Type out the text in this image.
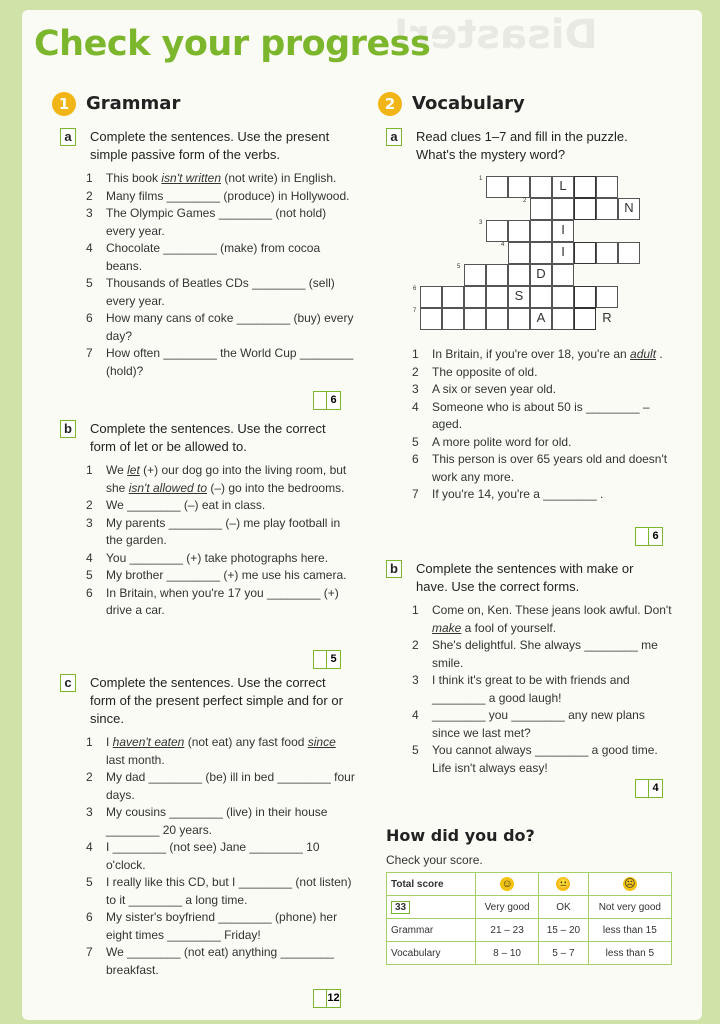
Disaster!
Check your progress
1 Grammar
a	Complete the sentences. Use the present simple passive form of the verbs.
1 This book isn't written (not write) in English.
2 Many films ________ (produce) in Hollywood.
3 The Olympic Games ________ (not hold) every year.
4 Chocolate ________ (make) from cocoa beans.
5 Thousands of Beatles CDs ________ (sell) every year.
6 How many cans of coke ________ (buy) every day?
7 How often ________ the World Cup ________ (hold)?
6
b	Complete the sentences. Use the correct form of let or be allowed to.
1 We let (+) our dog go into the living room, but she isn't allowed to (–) go into the bedrooms.
2 We ________ (–) eat in class.
3 My parents ________ (–) me play football in the garden.
4 You ________ (+) take photographs here.
5 My brother ________ (+) me use his camera.
6 In Britain, when you're 17 you ________ (+) drive a car.
5
c	Complete the sentences. Use the correct form of the present perfect simple and for or since.
1 I haven't eaten (not eat) any fast food since last month.
2 My dad ________ (be) ill in bed ________ four days.
3 My cousins ________ (live) in their house ________ 20 years.
4 I ________ (not see) Jane ________ 10 o'clock.
5 I really like this CD, but I ________ (not listen) to it ________ a long time.
6 My sister's boyfriend ________ (phone) her eight times ________ Friday!
7 We ________ (not eat) anything ________ breakfast.
12
2 Vocabulary
a	Read clues 1–7 and fill in the puzzle. What's the mystery word?
1
2
3
4
5
6
7
L
N
I
I
D
S
A	R
1 In Britain, if you're over 18, you're an adult .
2 The opposite of old.
3 A six or seven year old.
4 Someone who is about 50 is ________ – aged.
5 A more polite word for old.
6 This person is over 65 years old and doesn't work any more.
7 If you're 14, you're a ________ .
6
b	Complete the sentences with make or have. Use the correct forms.
1 Come on, Ken. These jeans look awful. Don't make a fool of yourself.
2 She's delightful. She always ________ me smile.
3 I think it's great to be with friends and ________ a good laugh!
4 ________ you ________ any new plans since we last met?
5 You cannot always ________ a good time. Life isn't always easy!
4
How did you do?
Check your score.
Total score	☺	😐	☹
33	Very good	OK	Not very good
Grammar	21 – 23	15 – 20	less than 15
Vocabulary	8 – 10	5 – 7	less than 5
